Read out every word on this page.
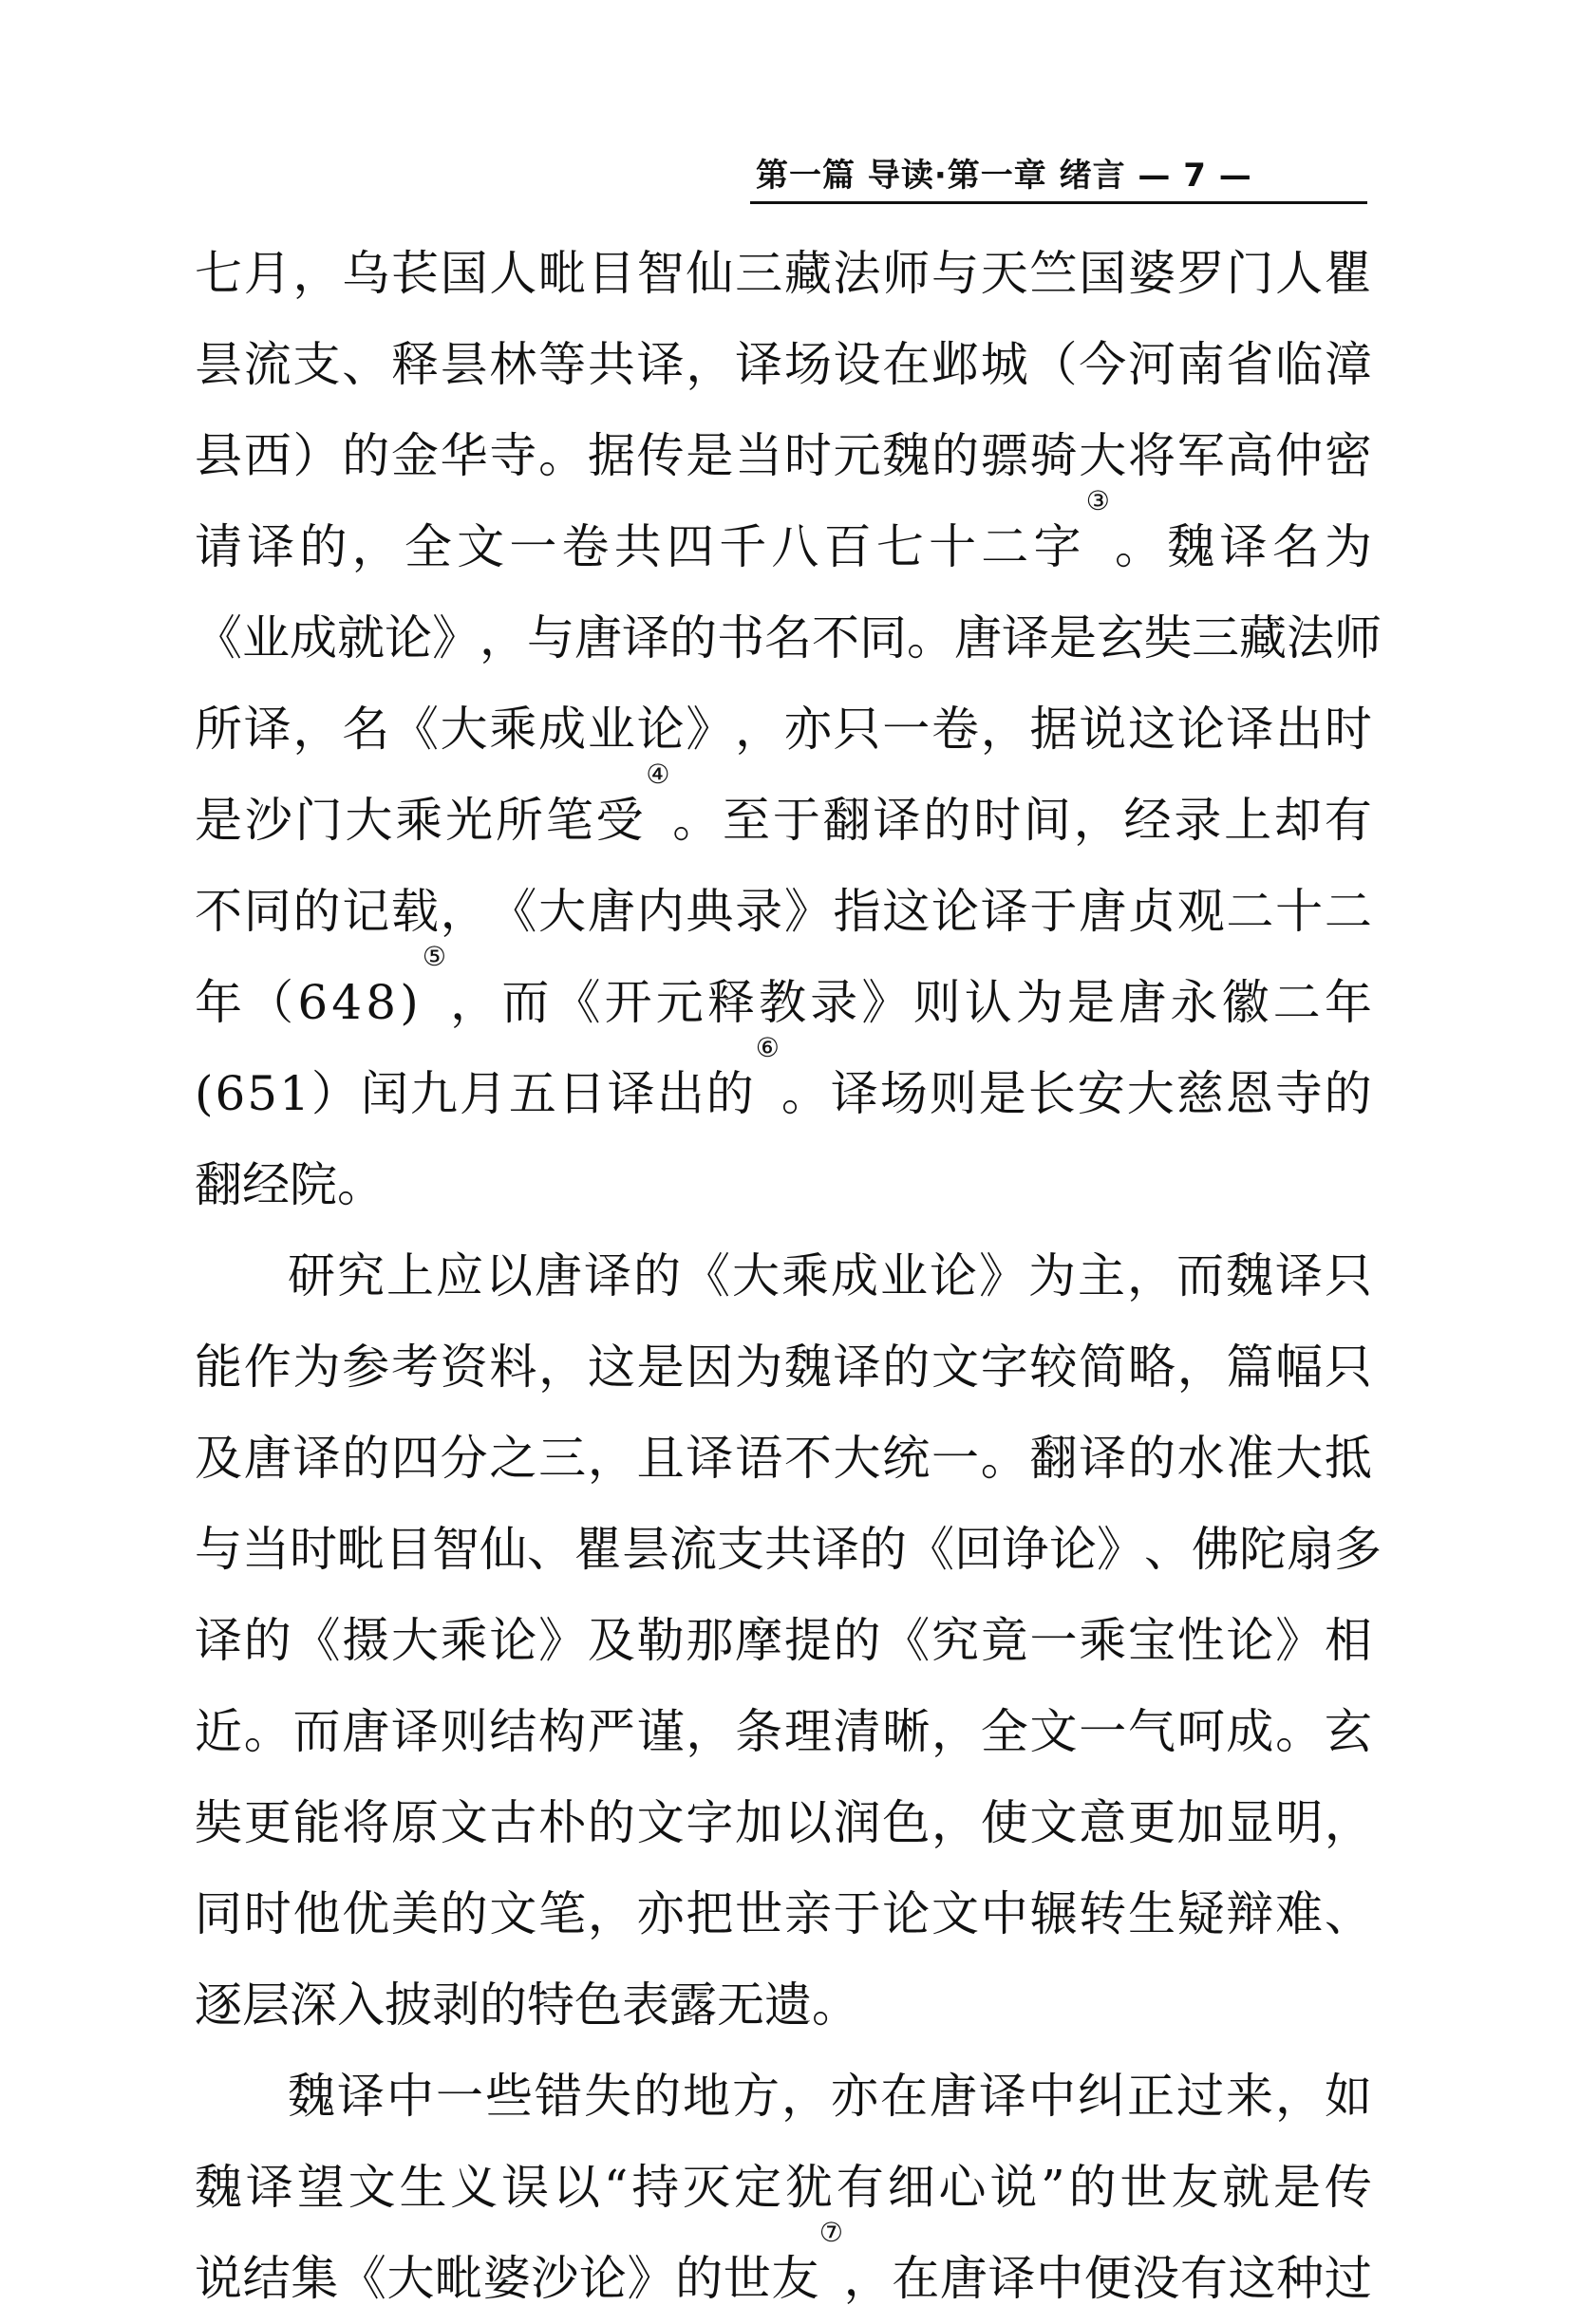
第一篇 导读·第一章 绪言 — 7 —
七 月 ， 乌 苌 国 人 毗 目 智 仙 三 藏 法 师 与 天 竺 国 婆 罗 门 人 瞿
昙 流 支 、 释 昙 林 等 共 译 ， 译 场 设 在 邺 城 （ 今 河 南 省 临 漳
县 西 ） 的 金 华 寺 。 据 传 是 当 时 元 魏 的 骠 骑 大 将 军 高 仲 密
请 译 的 ， 全 文 一 卷 共 四 千 八 百 七 十 二 字
③
。 魏 译 名 为
《 业 成 就 论 》 ， 与 唐 译 的 书 名 不 同 。 唐 译 是 玄 奘 三 藏 法 师
所 译 ， 名 《 大 乘 成 业 论 》 ， 亦 只 一 卷 ， 据 说 这 论 译 出 时
是 沙 门 大 乘 光 所 笔 受
④
。 至 于 翻 译 的 时 间 ， 经 录 上 却 有
不 同 的 记 载 ， 《 大 唐 内 典 录 》 指 这 论 译 于 唐 贞 观 二 十 二
年 （ 6 4 8 )
⑤
， 而 《 开 元 释 教 录 》 则 认 为 是 唐 永 徽 二 年
( 6 5 1 ） 闰 九 月 五 日 译 出 的
⑥
。 译 场 则 是 长 安 大 慈 恩 寺 的
翻 经 院 。
研 究 上 应 以 唐 译 的 《 大 乘 成 业 论 》 为 主 ， 而 魏 译 只
能 作 为 参 考 资 料 ， 这 是 因 为 魏 译 的 文 字 较 简 略 ， 篇 幅 只
及 唐 译 的 四 分 之 三 ， 且 译 语 不 大 统 一 。 翻 译 的 水 准 大 抵
与 当 时 毗 目 智 仙 、 瞿 昙 流 支 共 译 的 《 回 诤 论 》 、 佛 陀 扇 多
译 的 《 摄 大 乘 论 》 及 勒 那 摩 提 的 《 究 竟 一 乘 宝 性 论 》 相
近 。 而 唐 译 则 结 构 严 谨 ， 条 理 清 晰 ， 全 文 一 气 呵 成 。 玄
奘 更 能 将 原 文 古 朴 的 文 字 加 以 润 色 ， 使 文 意 更 加 显 明 ，
同 时 他 优 美 的 文 笔 ， 亦 把 世 亲 于 论 文 中 辗 转 生 疑 辩 难 、
逐 层 深 入 披 剥 的 特 色 表 露 无 遗 。
魏 译 中 一 些 错 失 的 地 方 ， 亦 在 唐 译 中 纠 正 过 来 ， 如
魏 译 望 文 生 义 误 以 “ 持 灭 定 犹 有 细 心 说 ” 的 世 友 就 是 传
说 结 集 《 大 毗 婆 沙 论 》 的 世 友
⑦
， 在 唐 译 中 便 没 有 这 种 过
